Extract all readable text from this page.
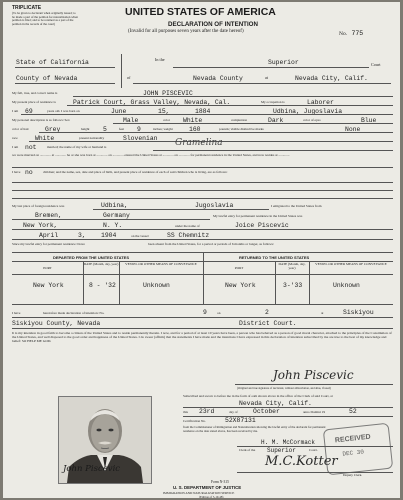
TRIPLICATE
(To be given to declarant when originally issued; to be made a part of the petition for naturalization when petition is filed; and to be retained as a part of the petition in the records of the court)
UNITED STATES OF AMERICA
DECLARATION OF INTENTION
(Invalid for all purposes seven years after the date hereof)	No. 775
State of California
County of Nevada
In the	Superior	Court
of	Nevada County	at	Nevada City, Calif.
My full, true, and correct name is	JOHN PISCEVIC
My present place of residence is	Patrick Court, Grass Valley, Nevada, Cal.	My occupation is	Laborer
I am 69	years old. I was born on	June	15,	1884	Udbina, Jugoslavia
My personal description is as follows: Sex	Male	color White	complexion	Dark	color of eyes	Blue
color of hair	Grey	height 5	feet 9	inches; weight	160	pounds; visible distinctive marks	None
race	White	present nationality	Slovenian
I am not	married; the name of my wife or husband is	Gramelina
we were married on ............. at ............. he or she was born at ............. on ............. entered the United States at ............. on ............. for permanent residence in the United States, and now resides at .............
I have no	children; and the name, sex, date and place of birth, and present place of residence of each of said children who is living, are as follows:
My last place of foreign residence was	Udbina,	Jugoslavia	I emigrated to the United States from
Bremen,	Germany	My lawful entry for permanent residence in the United States was
New York,	N. Y.	under the name of	Joice Piscevic
April	3, 1904	on the vessel	SS Chemnitz
Since my lawful entry for permanent residence I have	been absent from the United States, for a period or periods of 6 months or longer, as follows:
DEPARTED FROM THE UNITED STATES	RETURNED TO THE UNITED STATES
PORT
DATE (Month, day, year)	VESSEL OR OTHER MEANS OF CONVEYANCE
PORT
DATE (Month, day, year)
VESSEL OR OTHER MEANS OF CONVEYANCE
New York	8 - '32	Unknown	New York	3-'33	Unknown
I have	heretofore made declaration of intention: No.	9	on	2	at	Siskiyou
Siskiyou County, Nevada	District Court.
It is my intention in good faith to become a citizen of the United States and to reside permanently therein. I now, and for a period of at least 10 years have been, a person who has behaved as a person of good moral character, attached to the principles of the Constitution of the United States, and well disposed to the good order and happiness of the United States. I do swear (affirm) that the statements I have made and the intentions I have expressed in this declaration of intention subscribed by me are true to the best of my knowledge and belief: SO HELP ME GOD.
John Piscevic
(Original and true signature of declarant, without abbreviation, and alias, if used)
John Piscevic
Subscribed and sworn to before me in the form of oath shown above in the office of the Clerk of said Court, at
Nevada City, Calif.
this 23rd	day of October	anno Domini 19	52
Certification No.	52X87131
from the Commissioner of Immigration and Naturalization showing the lawful entry of the declarant for permanent residence on the date stated above, has been received by me.
H. M. McCormack
Clerk of the Superior	Court.
M.C.Kotter
Deputy Clerk.
RECEIVED
DEC 30
Form N-315
U. S. DEPARTMENT OF JUSTICE
IMMIGRATION AND NATURALIZATION SERVICE
(Edition of 5-19-48)
